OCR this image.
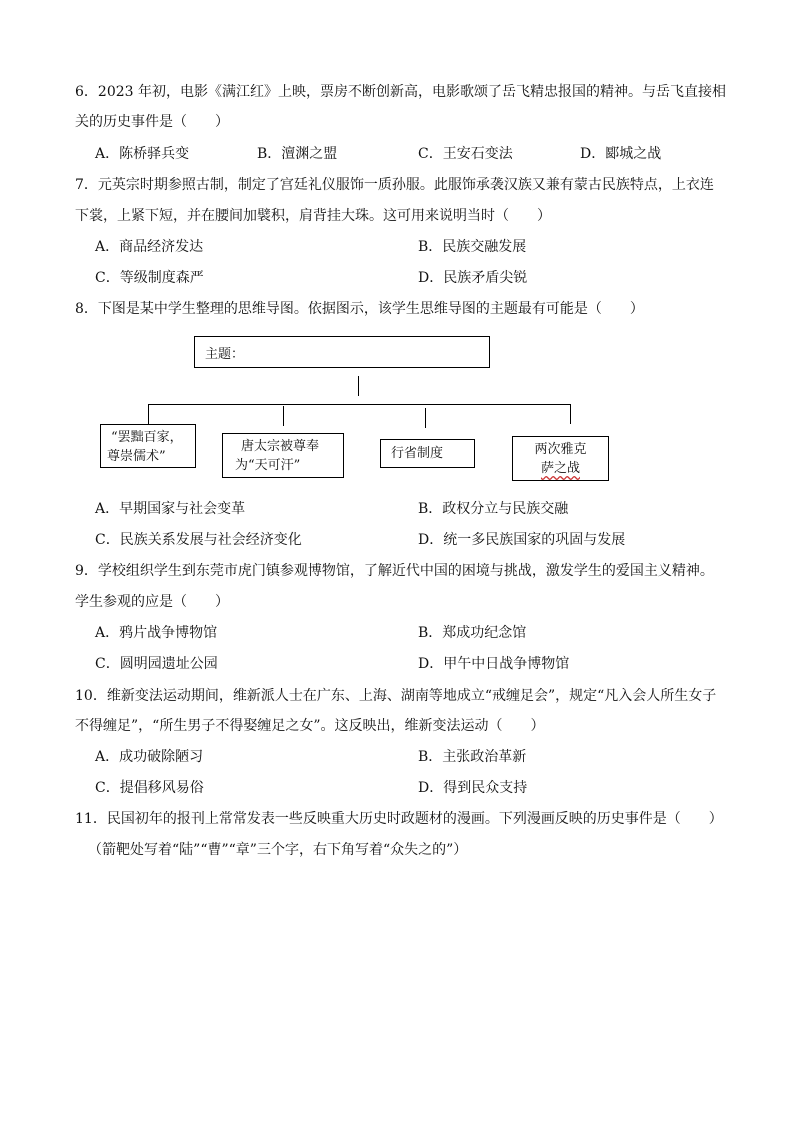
6．2023 年初，电影《满江红》上映，票房不断创新高，电影歌颂了岳飞精忠报国的精神。与岳飞直接相
关的历史事件是（　　）
A．陈桥驿兵变	B．澶渊之盟	C．王安石变法	D．郾城之战
7．元英宗时期参照古制，制定了宫廷礼仪服饰一质孙服。此服饰承袭汉族又兼有蒙古民族特点，上衣连
下裳，上紧下短，并在腰间加襞积，肩背挂大珠。这可用来说明当时（　　）
A．商品经济发达	B．民族交融发展
C．等级制度森严	D．民族矛盾尖锐
8．下图是某中学生整理的思维导图。依据图示，该学生思维导图的主题最有可能是（　　）
主题：
“罢黜百家，
尊崇儒术”
唐太宗被尊奉
为“天可汗”
行省制度	两次雅克
萨之战
A．早期国家与社会变革	B．政权分立与民族交融
C．民族关系发展与社会经济变化	D．统一多民族国家的巩固与发展
9．学校组织学生到东莞市虎门镇参观博物馆，了解近代中国的困境与挑战，激发学生的爱国主义精神。
学生参观的应是（　　）
A．鸦片战争博物馆	B．郑成功纪念馆
C．圆明园遗址公园	D．甲午中日战争博物馆
10．维新变法运动期间，维新派人士在广东、上海、湖南等地成立“戒缠足会”，规定“凡入会人所生女子
不得缠足”，“所生男子不得娶缠足之女”。这反映出，维新变法运动（　　）
A．成功破除陋习	B．主张政治革新
C．提倡移风易俗	D．得到民众支持
11．民国初年的报刊上常常发表一些反映重大历史时政题材的漫画。下列漫画反映的历史事件是（　　）
（箭靶处写着“陆”“曹”“章”三个字，右下角写着“众失之的”）
